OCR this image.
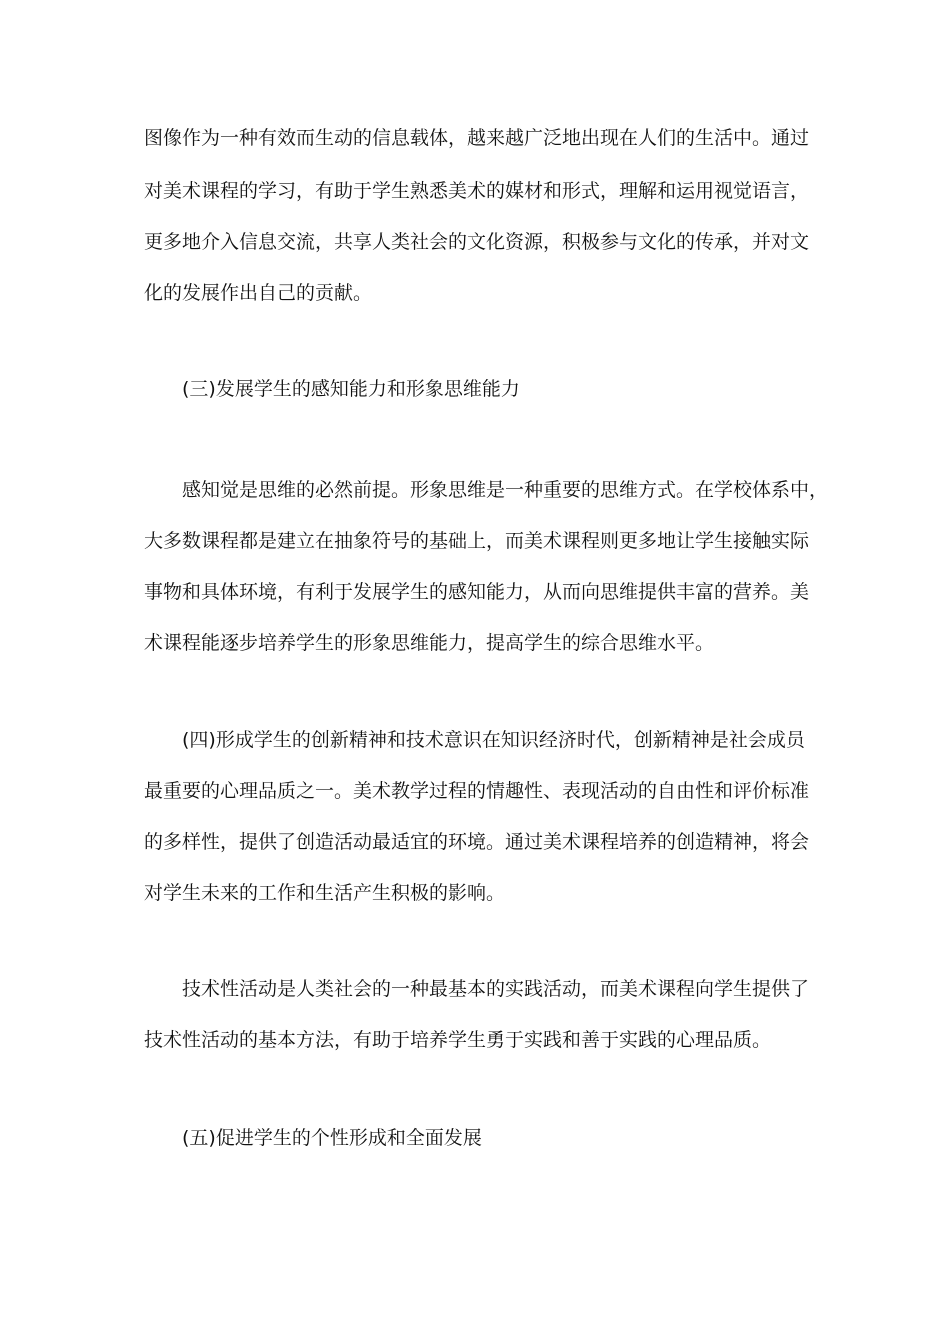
图像作为一种有效而生动的信息载体，越来越广泛地出现在人们的生活中。通过
对美术课程的学习，有助于学生熟悉美术的媒材和形式，理解和运用视觉语言，
更多地介入信息交流，共享人类社会的文化资源，积极参与文化的传承，并对文
化的发展作出自己的贡献。
(三)发展学生的感知能力和形象思维能力
感知觉是思维的必然前提。形象思维是一种重要的思维方式。在学校体系中，
大多数课程都是建立在抽象符号的基础上，而美术课程则更多地让学生接触实际
事物和具体环境，有利于发展学生的感知能力，从而向思维提供丰富的营养。美
术课程能逐步培养学生的形象思维能力，提高学生的综合思维水平。
(四)形成学生的创新精神和技术意识在知识经济时代，创新精神是社会成员
最重要的心理品质之一。美术教学过程的情趣性、表现活动的自由性和评价标准
的多样性，提供了创造活动最适宜的环境。通过美术课程培养的创造精神，将会
对学生未来的工作和生活产生积极的影响。
技术性活动是人类社会的一种最基本的实践活动，而美术课程向学生提供了
技术性活动的基本方法，有助于培养学生勇于实践和善于实践的心理品质。
(五)促进学生的个性形成和全面发展
